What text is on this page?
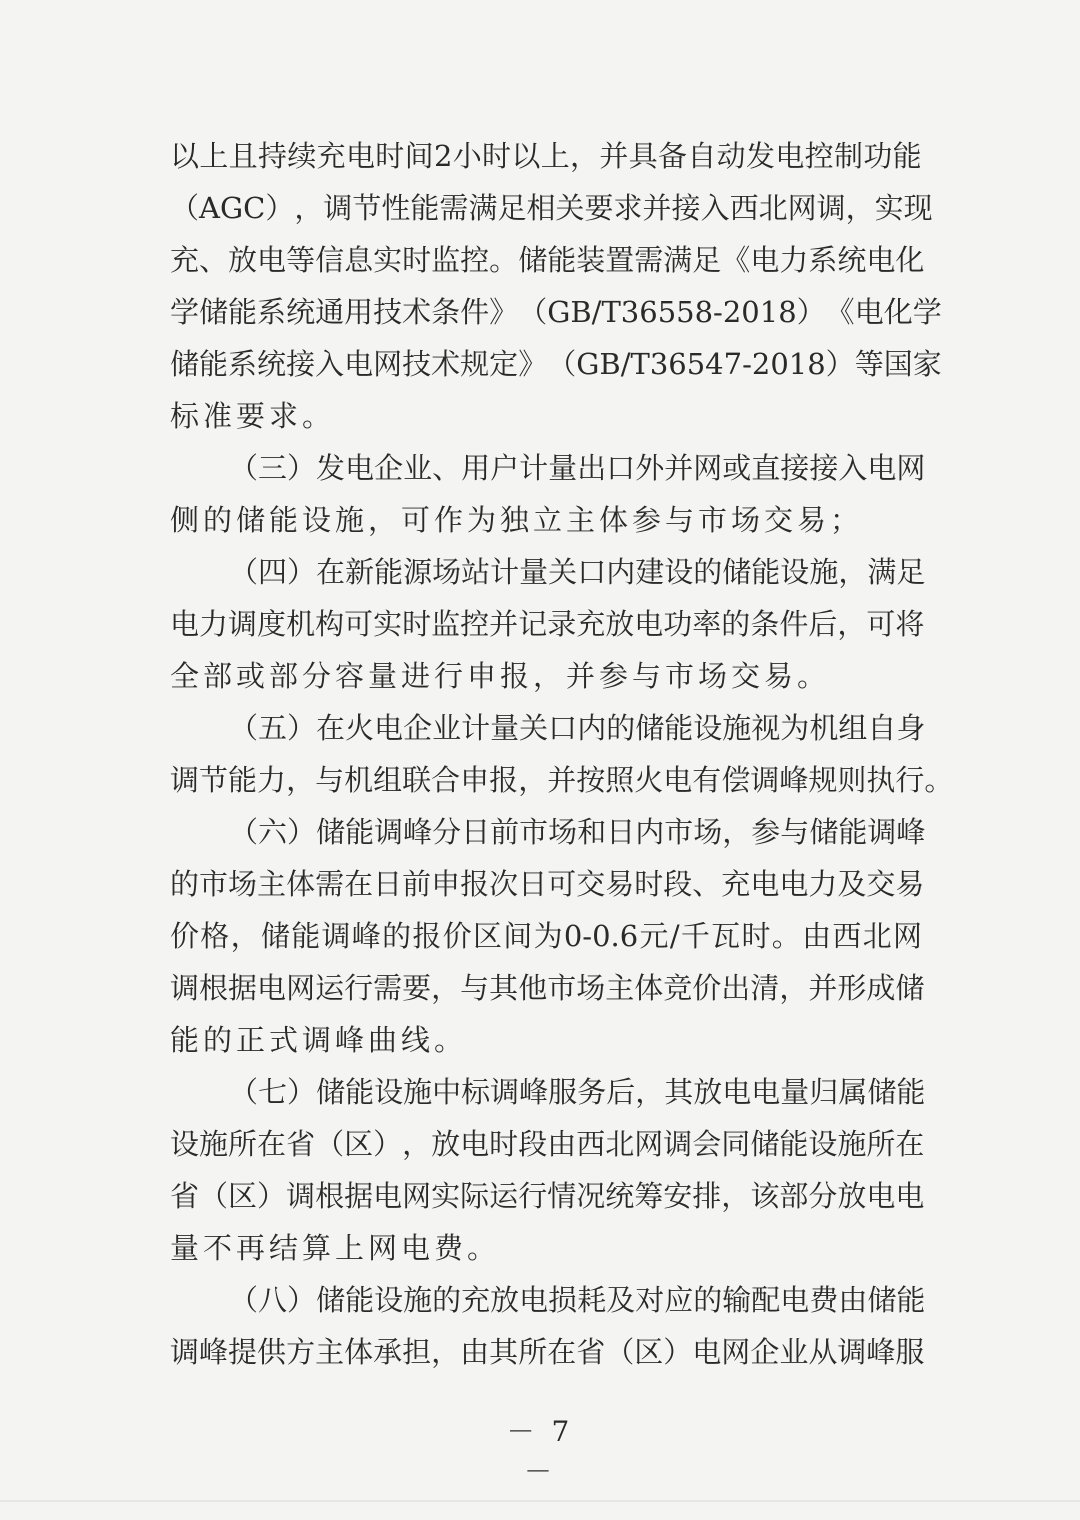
以 上 且 持 续 充 电 时 间 2 小 时 以 上 ， 并 具 备 自 动 发 电 控 制 功 能
（ AGC ） ， 调 节 性 能 需 满 足 相 关 要 求 并 接 入 西 北 网 调 ， 实 现
充 、 放 电 等 信 息 实 时 监 控 。 储 能 装 置 需 满 足 《 电 力 系 统 电 化
学 储 能 系 统 通 用 技 术 条 件 》 （ GB/T 36558-2018 ） 《 电 化 学
储 能 系 统 接 入 电 网 技 术 规 定 》 （ GB/T 36547-2018 ） 等 国 家
标准要求。
（ 三 ） 发 电 企 业 、 用 户 计 量 出 口 外 并 网 或 直 接 接 入 电 网
侧的储能设施，可作为独立主体参与市场交易；
（ 四 ） 在 新 能 源 场 站 计 量 关 口 内 建 设 的 储 能 设 施 ， 满 足
电 力 调 度 机 构 可 实 时 监 控 并 记 录 充 放 电 功 率 的 条 件 后 ， 可 将
全部或部分容量进行申报，并参与市场交易。
（ 五 ） 在 火 电 企 业 计 量 关 口 内 的 储 能 设 施 视 为 机 组 自 身
调 节 能 力 ， 与 机 组 联 合 申 报 ， 并 按 照 火 电 有 偿 调 峰 规 则 执 行 。
（ 六 ） 储 能 调 峰 分 日 前 市 场 和 日 内 市 场 ， 参 与 储 能 调 峰
的 市 场 主 体 需 在 日 前 申 报 次 日 可 交 易 时 段 、 充 电 电 力 及 交 易
价 格 ， 储 能 调 峰 的 报 价 区 间 为 0-0.6 元 / 千 瓦 时 。 由 西 北 网
调 根 据 电 网 运 行 需 要 ， 与 其 他 市 场 主 体 竞 价 出 清 ， 并 形 成 储
能的正式调峰曲线。
（ 七 ） 储 能 设 施 中 标 调 峰 服 务 后 ， 其 放 电 电 量 归 属 储 能
设 施 所 在 省 （ 区 ） ， 放 电 时 段 由 西 北 网 调 会 同 储 能 设 施 所 在
省 （ 区 ） 调 根 据 电 网 实 际 运 行 情 况 统 筹 安 排 ， 该 部 分 放 电 电
量不再结算上网电费。
（ 八 ） 储 能 设 施 的 充 放 电 损 耗 及 对 应 的 输 配 电 费 由 储 能
调 峰 提 供 方 主 体 承 担 ， 由 其 所 在 省 （ 区 ） 电 网 企 业 从 调 峰 服
－ 7 －
